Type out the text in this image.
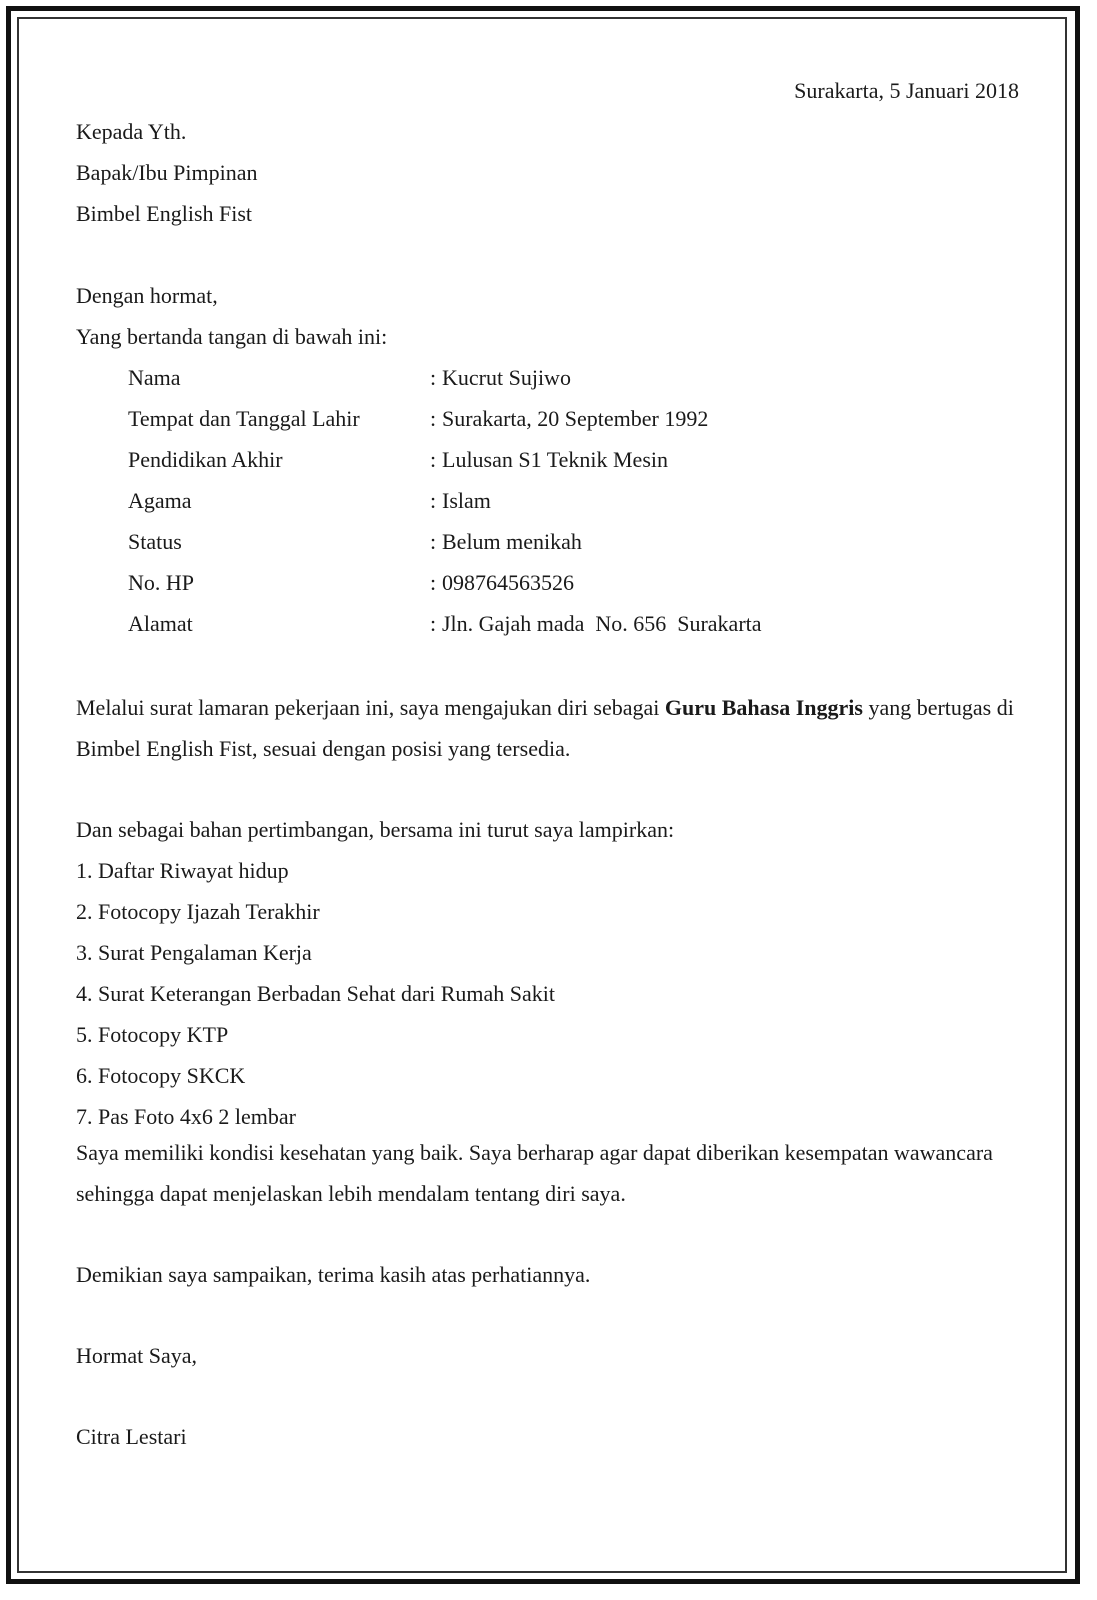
Surakarta, 5 Januari 2018
Kepada Yth.
Bapak/Ibu Pimpinan
Bimbel English Fist
Dengan hormat,
Yang bertanda tangan di bawah ini:
Nama	: Kucrut Sujiwo
Tempat dan Tanggal Lahir	: Surakarta, 20 September 1992
Pendidikan Akhir	: Lulusan S1 Teknik Mesin
Agama	: Islam
Status	: Belum menikah
No. HP	: 098764563526
Alamat	: Jln. Gajah mada  No. 656  Surakarta
Melalui surat lamaran pekerjaan ini, saya mengajukan diri sebagai Guru Bahasa Inggris yang bertugas di Bimbel English Fist, sesuai dengan posisi yang tersedia.
Dan sebagai bahan pertimbangan, bersama ini turut saya lampirkan:
1. Daftar Riwayat hidup
2. Fotocopy Ijazah Terakhir
3. Surat Pengalaman Kerja
4. Surat Keterangan Berbadan Sehat dari Rumah Sakit
5. Fotocopy KTP
6. Fotocopy SKCK
7. Pas Foto 4x6 2 lembar
Saya memiliki kondisi kesehatan yang baik. Saya berharap agar dapat diberikan kesempatan wawancara sehingga dapat menjelaskan lebih mendalam tentang diri saya.
Demikian saya sampaikan, terima kasih atas perhatiannya.
Hormat Saya,
Citra Lestari
